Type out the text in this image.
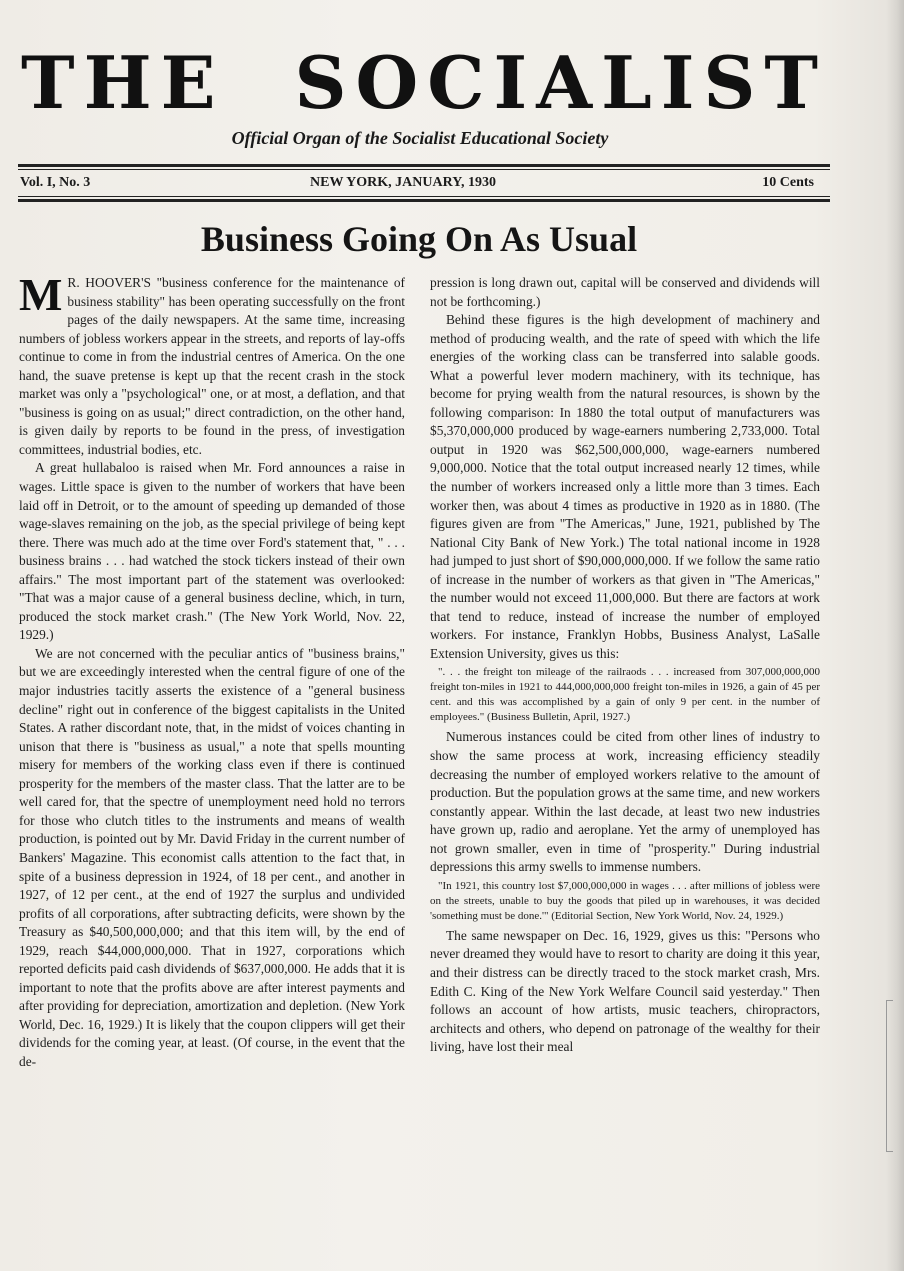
THE SOCIALIST
Official Organ of the Socialist Educational Society
Vol. I, No. 3	NEW YORK, JANUARY, 1930	10 Cents
Business Going On As Usual

M R. HOOVER'S "business conference for the maintenance of business stability" has been operating successfully on the front pages of the daily newspapers. At the same time, increasing numbers of jobless workers appear in the streets, and reports of lay-offs continue to come in from the industrial centres of America. On the one hand, the suave pretense is kept up that the recent crash in the stock market was only a "psychological" one, or at most, a deflation, and that "business is going on as usual;" direct contradiction, on the other hand, is given daily by reports to be found in the press, of investigation committees, industrial bodies, etc.

A great hullabaloo is raised when Mr. Ford announces a raise in wages. Little space is given to the number of workers that have been laid off in Detroit, or to the amount of speeding up demanded of those wage-slaves remaining on the job, as the special privilege of being kept there. There was much ado at the time over Ford's statement that, " . . . business brains . . . had watched the stock tickers instead of their own affairs." The most important part of the statement was overlooked: "That was a major cause of a general business decline, which, in turn, produced the stock market crash." (The New York World, Nov. 22, 1929.)

We are not concerned with the peculiar antics of "business brains," but we are exceedingly interested when the central figure of one of the major industries tacitly asserts the existence of a "general business decline" right out in conference of the biggest capitalists in the United States. A rather discordant note, that, in the midst of voices chanting in unison that there is "business as usual," a note that spells mounting misery for members of the working class even if there is continued prosperity for the members of the master class. That the latter are to be well cared for, that the spectre of unemployment need hold no terrors for those who clutch titles to the instruments and means of wealth production, is pointed out by Mr. David Friday in the current number of Bankers' Magazine. This economist calls attention to the fact that, in spite of a business depression in 1924, of 18 per cent., and another in 1927, of 12 per cent., at the end of 1927 the surplus and undivided profits of all corporations, after subtracting deficits, were shown by the Treasury as $40,500,000,000; and that this item will, by the end of 1929, reach $44,000,000,000. That in 1927, corporations which reported deficits paid cash dividends of $637,000,000. He adds that it is important to note that the profits above are after interest payments and after providing for depreciation, amortization and depletion. (New York World, Dec. 16, 1929.) It is likely that the coupon clippers will get their dividends for the coming year, at least. (Of course, in the event that the de-

pression is long drawn out, capital will be conserved and dividends will not be forthcoming.)

Behind these figures is the high development of machinery and method of producing wealth, and the rate of speed with which the life energies of the working class can be transferred into salable goods. What a powerful lever modern machinery, with its technique, has become for prying wealth from the natural resources, is shown by the following comparison: In 1880 the total output of manufacturers was $5,370,000,000 produced by wage-earners numbering 2,733,000. Total output in 1920 was $62,500,000,000, wage-earners numbered 9,000,000. Notice that the total output increased nearly 12 times, while the number of workers increased only a little more than 3 times. Each worker then, was about 4 times as productive in 1920 as in 1880. (The figures given are from "The Americas," June, 1921, published by The National City Bank of New York.) The total national income in 1928 had jumped to just short of $90,000,000,000. If we follow the same ratio of increase in the number of workers as that given in "The Americas," the number would not exceed 11,000,000. But there are factors at work that tend to reduce, instead of increase the number of employed workers. For instance, Franklyn Hobbs, Business Analyst, LaSalle Extension University, gives us this:

". . . the freight ton mileage of the railraods . . . increased from 307,000,000,000 freight ton-miles in 1921 to 444,000,000,000 freight ton-miles in 1926, a gain of 45 per cent. and this was accomplished by a gain of only 9 per cent. in the number of employees." (Business Bulletin, April, 1927.)

Numerous instances could be cited from other lines of industry to show the same process at work, increasing efficiency steadily decreasing the number of employed workers relative to the amount of production. But the population grows at the same time, and new workers constantly appear. Within the last decade, at least two new industries have grown up, radio and aeroplane. Yet the army of unemployed has not grown smaller, even in time of "prosperity." During industrial depressions this army swells to immense numbers.

"In 1921, this country lost $7,000,000,000 in wages . . . after millions of jobless were on the streets, unable to buy the goods that piled up in warehouses, it was decided 'something must be done.'" (Editorial Section, New York World, Nov. 24, 1929.)

The same newspaper on Dec. 16, 1929, gives us this: "Persons who never dreamed they would have to resort to charity are doing it this year, and their distress can be directly traced to the stock market crash, Mrs. Edith C. King of the New York Welfare Council said yesterday." Then follows an account of how artists, music teachers, chiropractors, architects and others, who depend on patronage of the wealthy for their living, have lost their meal
